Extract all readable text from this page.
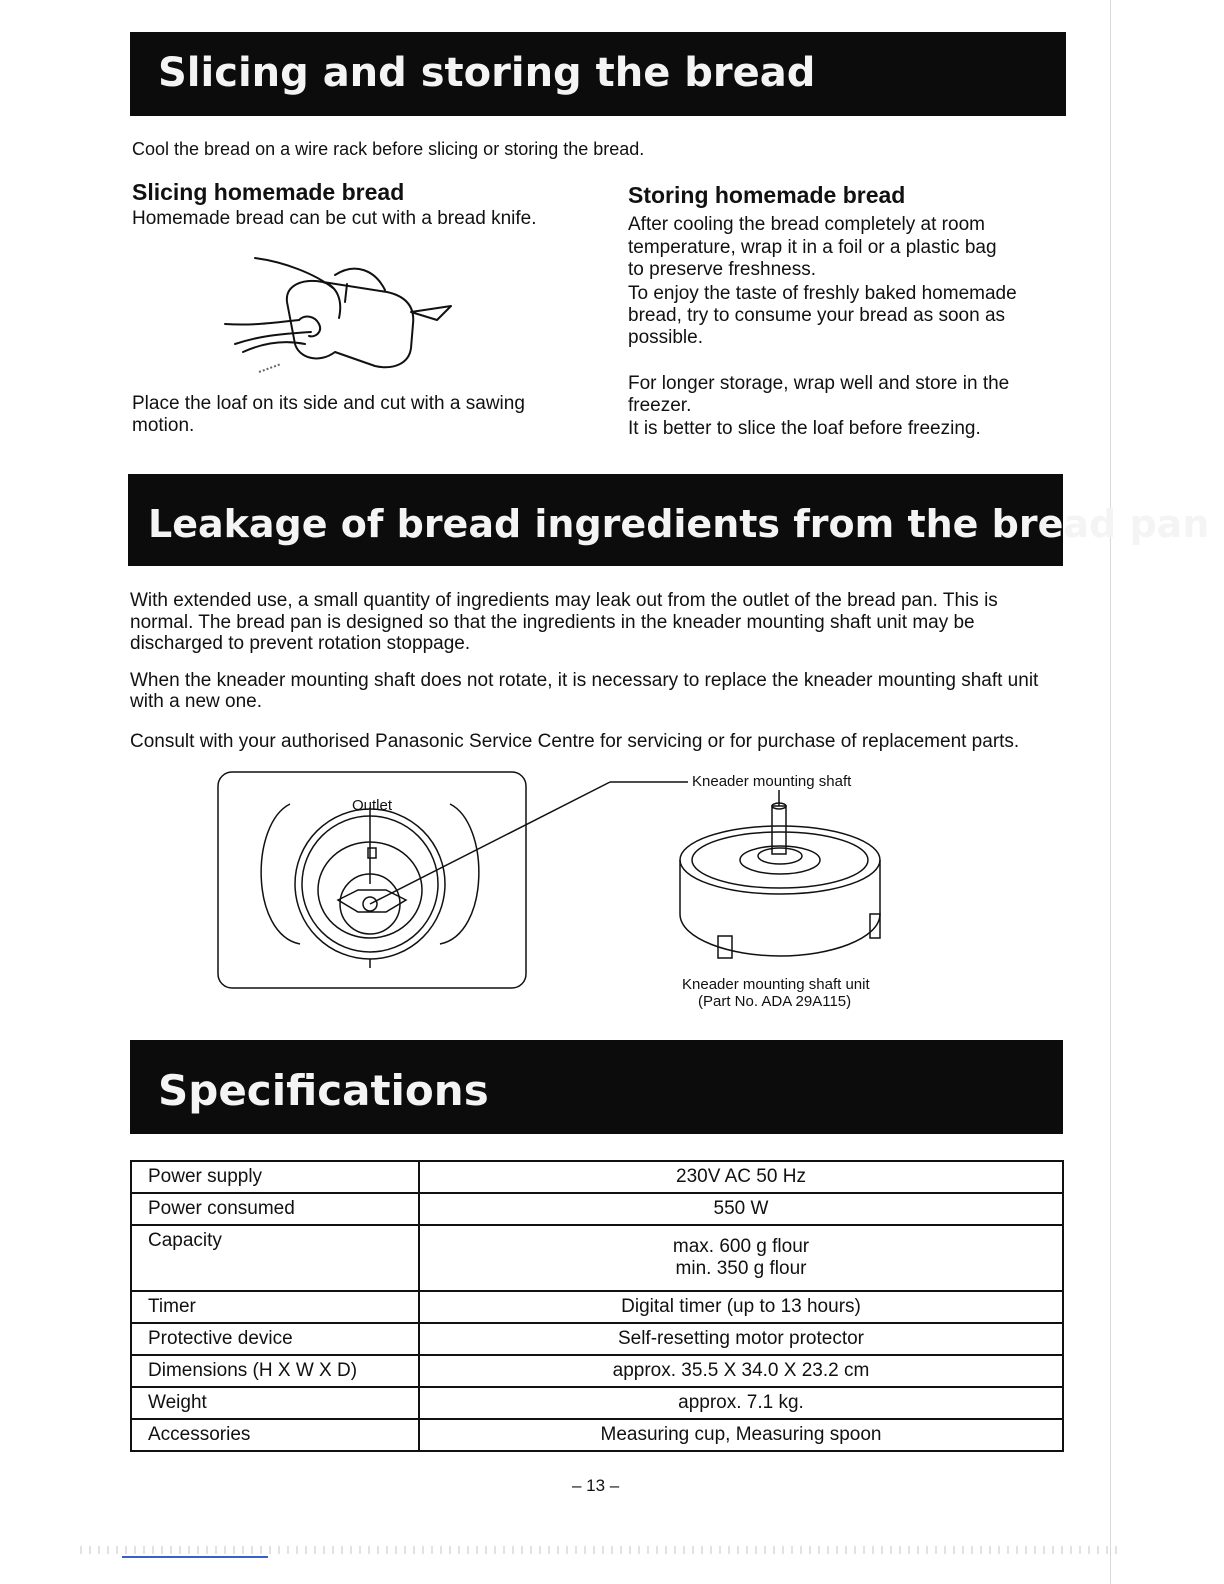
Slicing and storing the bread
Cool the bread on a wire rack before slicing or storing the bread.
Slicing homemade bread
Homemade bread can be cut with a bread knife.
Place the loaf on its side and cut with a sawing
motion.
Storing homemade bread
After cooling the bread completely at room
temperature, wrap it in a foil or a plastic bag
to preserve freshness.
To enjoy the taste of freshly baked homemade
bread, try to consume your bread as soon as
possible.
For longer storage, wrap well and store in the
freezer.
It is better to slice the loaf before freezing.
Leakage of bread ingredients from the bread pan
With extended use, a small quantity of ingredients may leak out from the outlet of the bread pan. This is
normal. The bread pan is designed so that the ingredients in the kneader mounting shaft unit may be
discharged to prevent rotation stoppage.
When the kneader mounting shaft does not rotate, it is necessary to replace the kneader mounting shaft unit
with a new one.
Consult with your authorised Panasonic Service Centre for servicing or for purchase of replacement parts.
Outlet
Kneader mounting shaft
Kneader mounting shaft unit
(Part No. ADA 29A115)
Specifications
Power supply	230V AC 50 Hz
Power consumed	550 W
Capacity	max. 600 g flour
min. 350 g flour

Timer	Digital timer (up to 13 hours)
Protective device	Self-resetting motor protector
Dimensions (H X W X D)	approx. 35.5 X 34.0 X 23.2 cm
Weight	approx. 7.1 kg.
Accessories	Measuring cup, Measuring spoon
– 13 –
